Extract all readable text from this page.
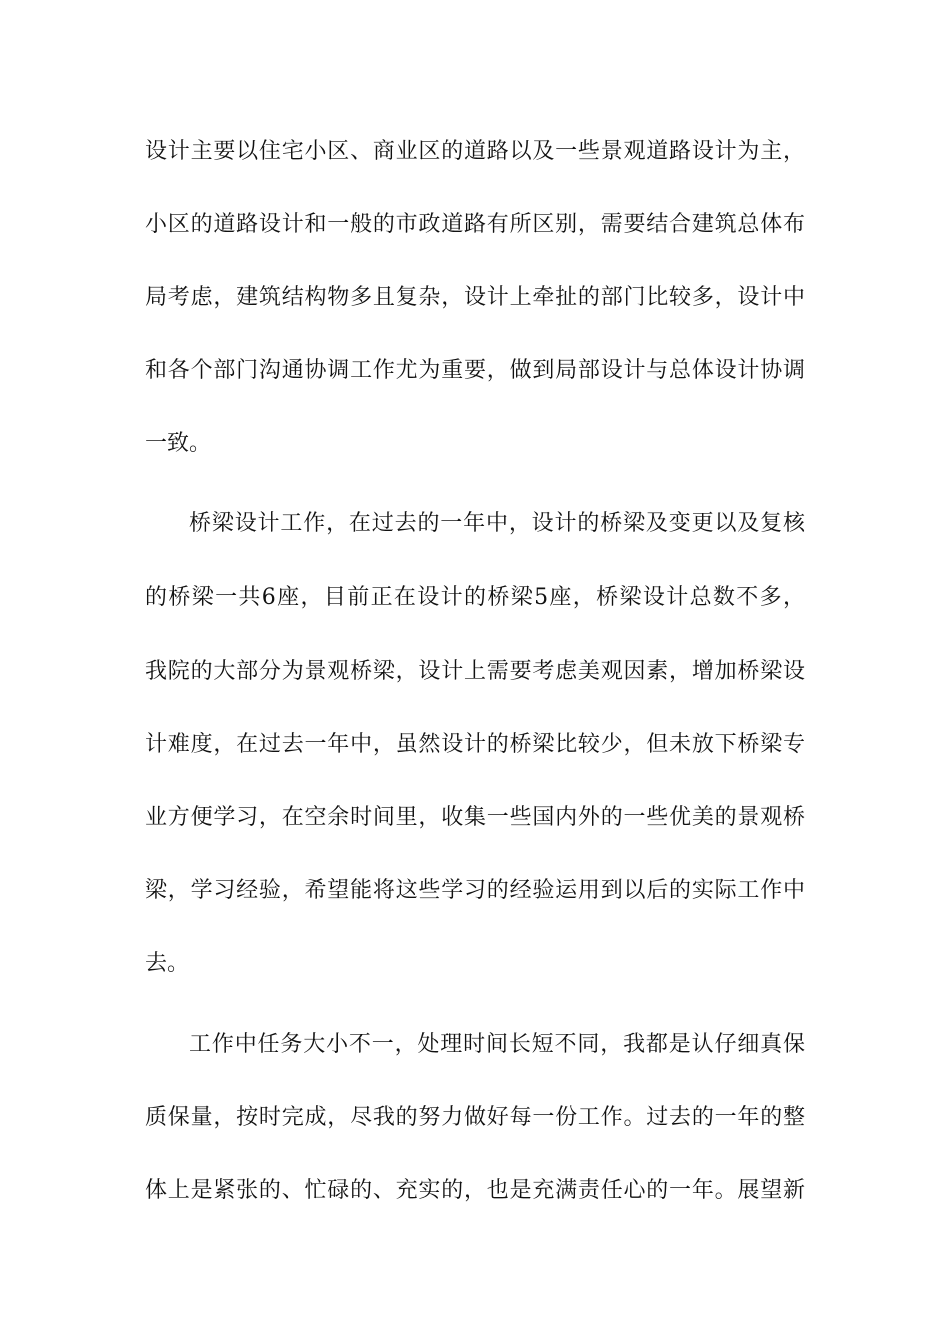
设计主要以住宅小区、商业区的道路以及一些景观道路设计为主，
小区的道路设计和一般的市政道路有所区别，需要结合建筑总体布
局考虑，建筑结构物多且复杂，设计上牵扯的部门比较多，设计中
和各个部门沟通协调工作尤为重要，做到局部设计与总体设计协调
一致。
桥梁设计工作，在过去的一年中，设计的桥梁及变更以及复核
的桥梁一共6座，目前正在设计的桥梁5座，桥梁设计总数不多，
我院的大部分为景观桥梁，设计上需要考虑美观因素，增加桥梁设
计难度，在过去一年中，虽然设计的桥梁比较少，但未放下桥梁专
业方便学习，在空余时间里，收集一些国内外的一些优美的景观桥
梁，学习经验，希望能将这些学习的经验运用到以后的实际工作中
去。
工作中任务大小不一，处理时间长短不同，我都是认仔细真保
质保量，按时完成，尽我的努力做好每一份工作。过去的一年的整
体上是紧张的、忙碌的、充实的，也是充满责任心的一年。展望新
